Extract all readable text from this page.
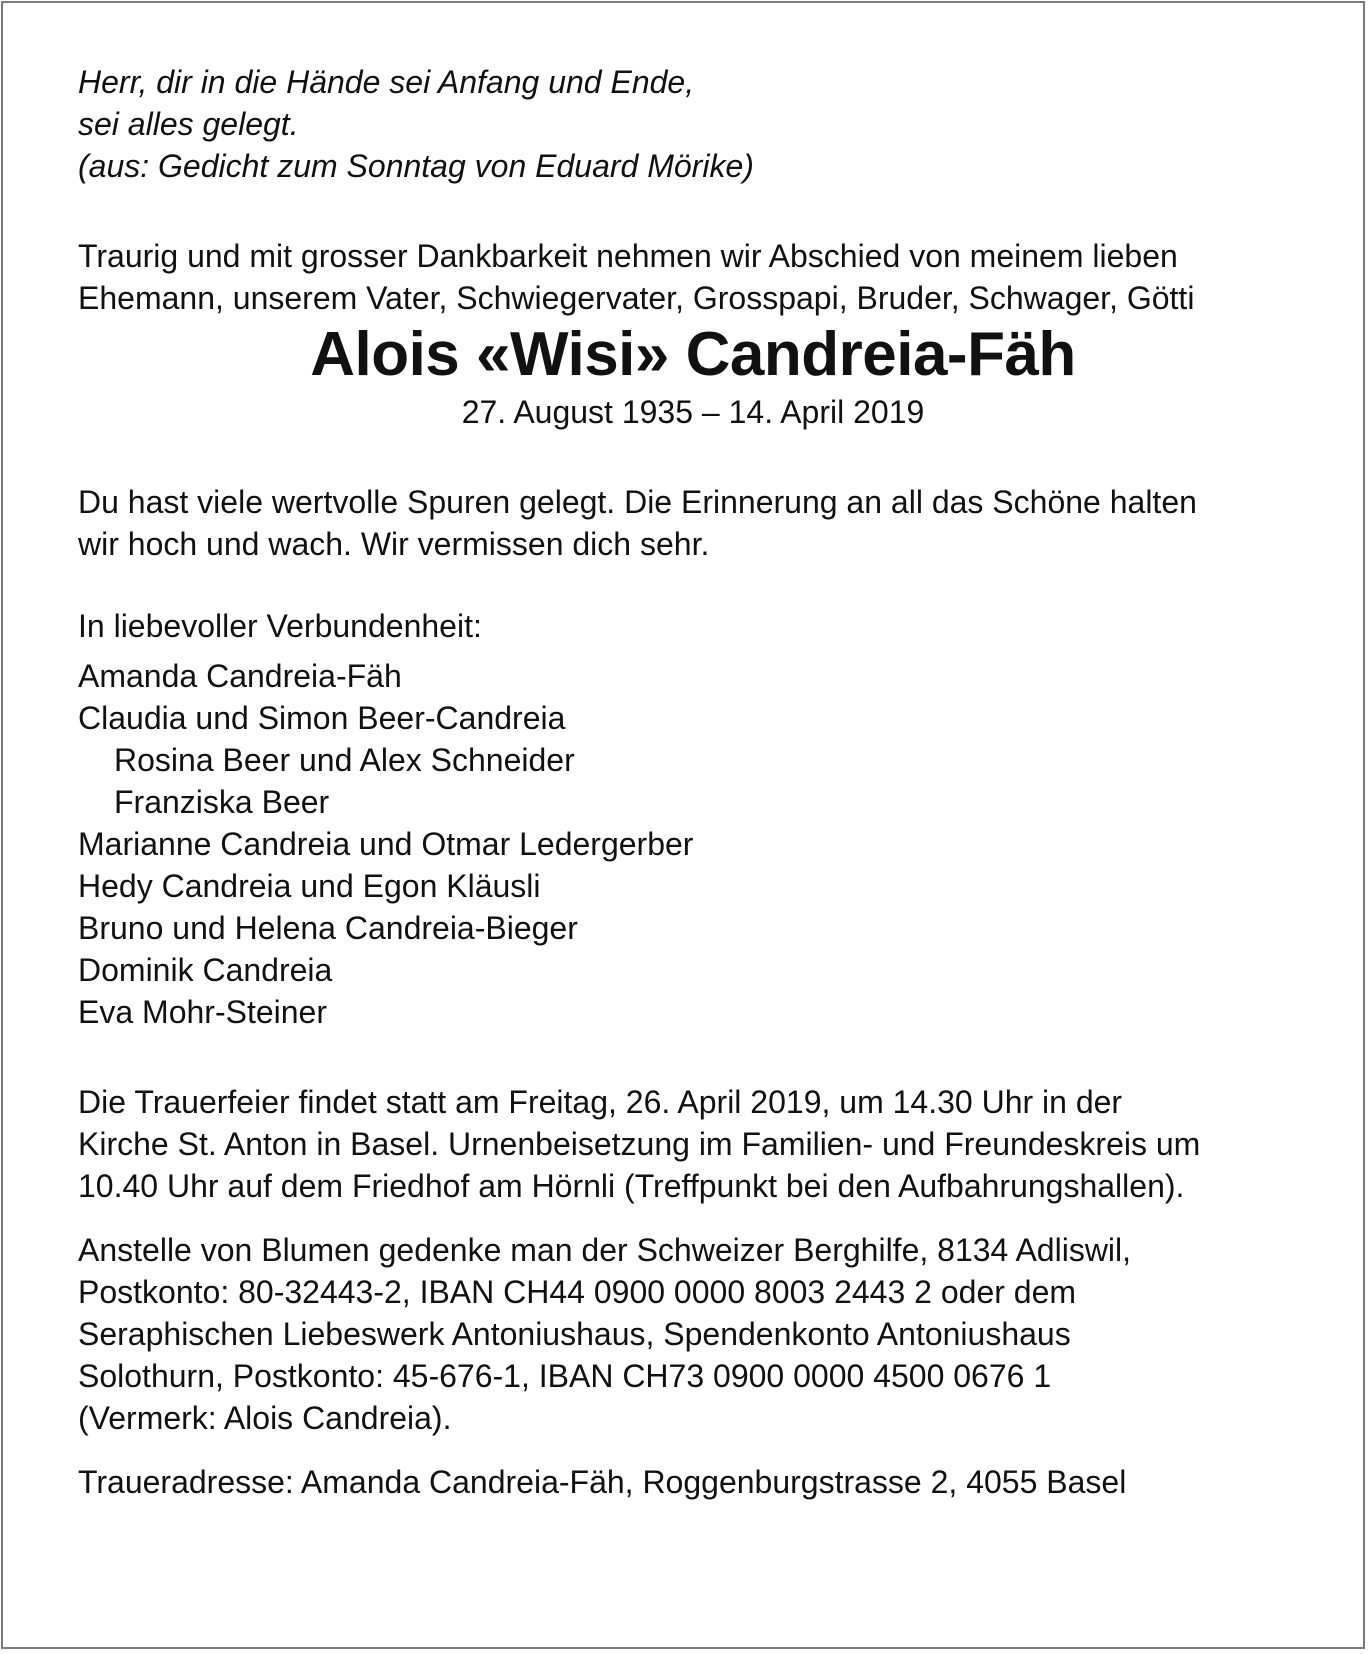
Herr, dir in die Hände sei Anfang und Ende,

sei alles gelegt.

(aus: Gedicht zum Sonntag von Eduard Mörike)

Traurig und mit grosser Dankbarkeit nehmen wir Abschied von meinem lieben

Ehemann, unserem Vater, Schwiegervater, Grosspapi, Bruder, Schwager, Götti

Alois «Wisi» Candreia-Fäh

27. August 1935 – 14. April 2019

Du hast viele wertvolle Spuren gelegt. Die Erinnerung an all das Schöne halten

wir hoch und wach. Wir vermissen dich sehr.

In liebevoller Verbundenheit:

Amanda Candreia-Fäh

Claudia und Simon Beer-Candreia

Rosina Beer und Alex Schneider

Franziska Beer

Marianne Candreia und Otmar Ledergerber

Hedy Candreia und Egon Kläusli

Bruno und Helena Candreia-Bieger

Dominik Candreia

Eva Mohr-Steiner

Die Trauerfeier findet statt am Freitag, 26. April 2019, um 14.30 Uhr in der

Kirche St. Anton in Basel. Urnenbeisetzung im Familien- und Freundeskreis um

10.40 Uhr auf dem Friedhof am Hörnli (Treffpunkt bei den Aufbahrungshallen).

Anstelle von Blumen gedenke man der Schweizer Berghilfe, 8134 Adliswil,

Postkonto: 80-32443-2, IBAN CH44 0900 0000 8003 2443 2 oder dem

Seraphischen Liebeswerk Antoniushaus, Spendenkonto Antoniushaus

Solothurn, Postkonto: 45-676-1, IBAN CH73 0900 0000 4500 0676 1

(Vermerk: Alois Candreia).

Traueradresse: Amanda Candreia-Fäh, Roggenburgstrasse 2, 4055 Basel
